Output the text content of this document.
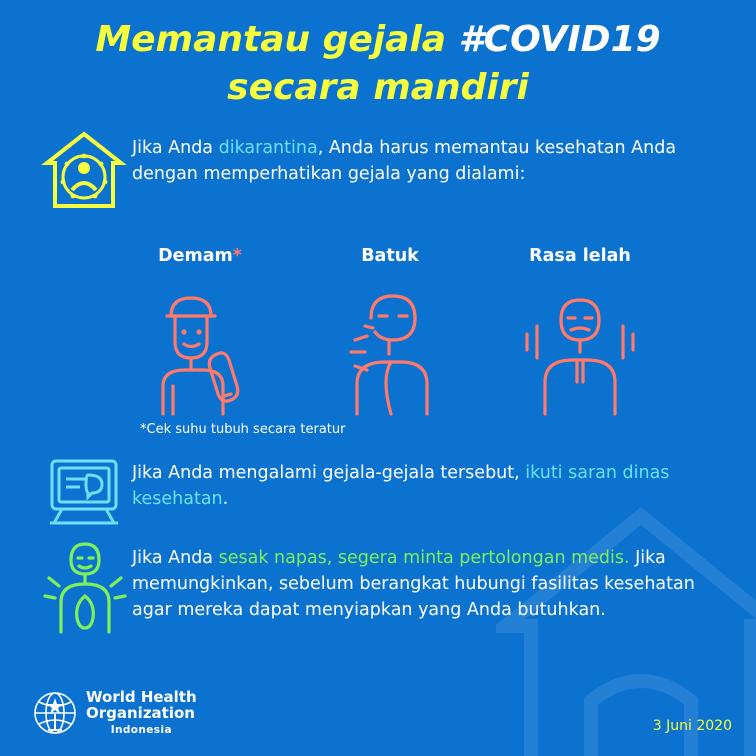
Memantau gejala #COVID19
secara mandiri
Jika Anda dikarantina, Anda harus memantau kesehatan Anda dengan memperhatikan gejala yang dialami:
Demam*	Batuk	Rasa lelah
*Cek suhu tubuh secara teratur
Jika Anda mengalami gejala-gejala tersebut, ikuti saran dinas kesehatan.
Jika Anda sesak napas, segera minta pertolongan medis. Jika memungkinkan, sebelum berangkat hubungi fasilitas kesehatan agar mereka dapat menyiapkan yang Anda butuhkan.
World Health
Organization
Indonesia	3 Juni 2020
